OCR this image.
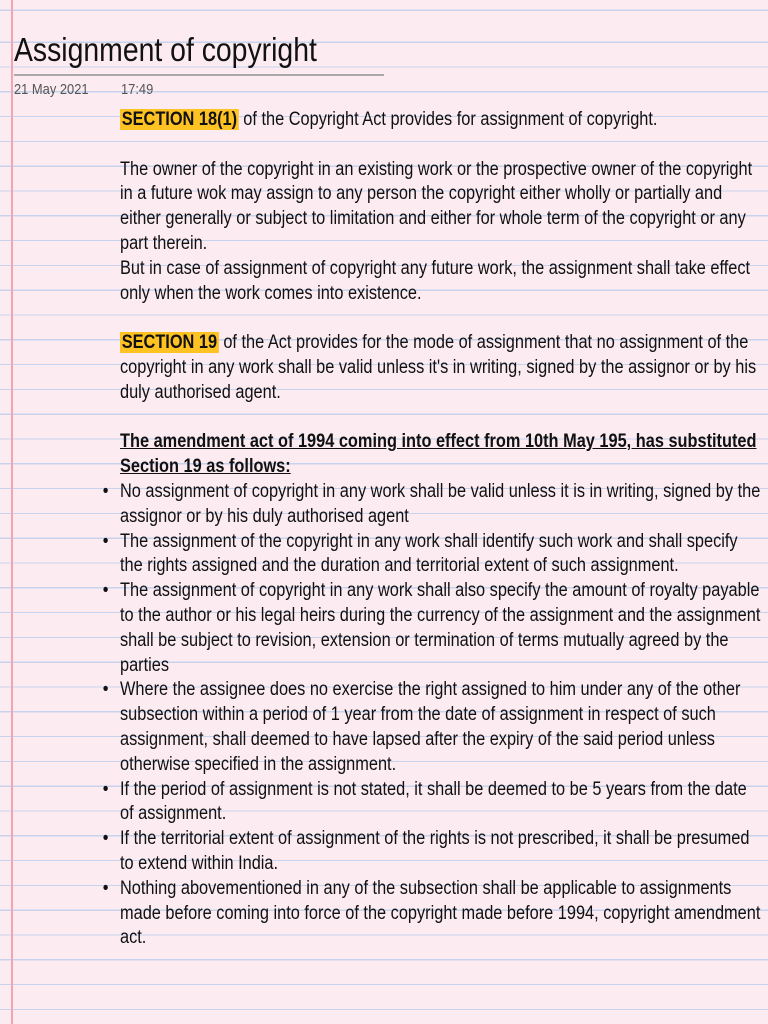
Assignment of copyright
21 May 2021 17:49

SECTION 18(1) of the Copyright Act provides for assignment of copyright.

The owner of the copyright in an existing work or the prospective owner of the copyright in a future wok may assign to any person the copyright either wholly or partially and either generally or subject to limitation and either for whole term of the copyright or any part therein.

But in case of assignment of copyright any future work, the assignment shall take effect only when the work comes into existence.

SECTION 19 of the Act provides for the mode of assignment that no assignment of the copyright in any work shall be valid unless it's in writing, signed by the assignor or by his duly authorised agent.

The amendment act of 1994 coming into effect from 10th May 195, has substituted Section 19 as follows:

• No assignment of copyright in any work shall be valid unless it is in writing, signed by the assignor or by his duly authorised agent
• The assignment of the copyright in any work shall identify such work and shall specify the rights assigned and the duration and territorial extent of such assignment.
• The assignment of copyright in any work shall also specify the amount of royalty payable to the author or his legal heirs during the currency of the assignment and the assignment shall be subject to revision, extension or termination of terms mutually agreed by the parties
• Where the assignee does no exercise the right assigned to him under any of the other subsection within a period of 1 year from the date of assignment in respect of such assignment, shall deemed to have lapsed after the expiry of the said period unless otherwise specified in the assignment.
• If the period of assignment is not stated, it shall be deemed to be 5 years from the date of assignment.
• If the territorial extent of assignment of the rights is not prescribed, it shall be presumed to extend within India.
• Nothing abovementioned in any of the subsection shall be applicable to assignments made before coming into force of the copyright made before 1994, copyright amendment act.
